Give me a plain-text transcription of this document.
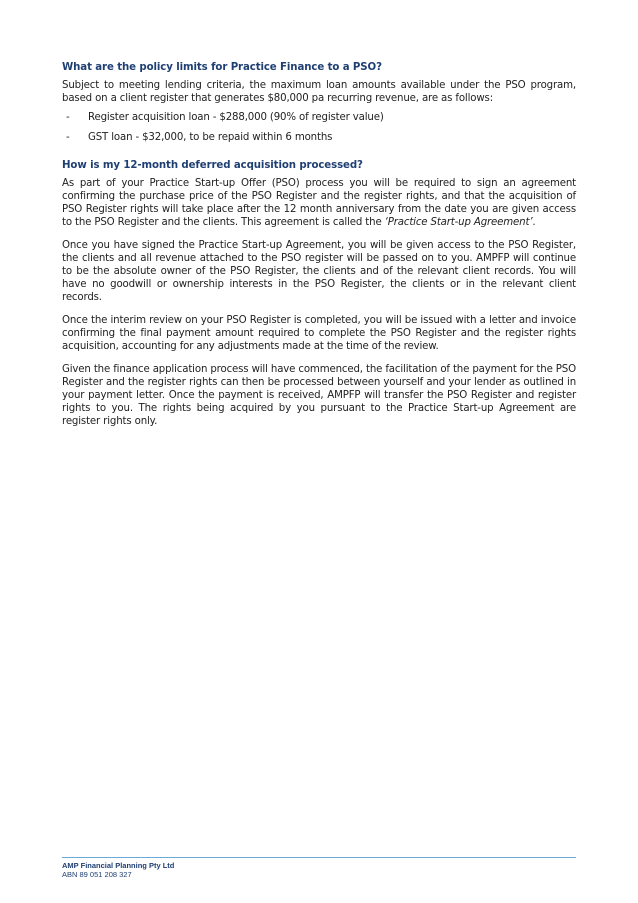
What are the policy limits for Practice Finance to a PSO?

Subject to meeting lending criteria, the maximum loan amounts available under the PSO program, based on a client register that generates $80,000 pa recurring revenue, are as follows:

-	Register acquisition loan - $288,000 (90% of register value)
-	GST loan - $32,000, to be repaid within 6 months
How is my 12-month deferred acquisition processed?

As part of your Practice Start-up Offer (PSO) process you will be required to sign an agreement confirming the purchase price of the PSO Register and the register rights, and that the acquisition of PSO Register rights will take place after the 12 month anniversary from the date you are given access to the PSO Register and the clients. This agreement is called the ‘Practice Start-up Agreement’.

Once you have signed the Practice Start-up Agreement, you will be given access to the PSO Register, the clients and all revenue attached to the PSO register will be passed on to you. AMPFP will continue to be the absolute owner of the PSO Register, the clients and of the relevant client records. You will have no goodwill or ownership interests in the PSO Register, the clients or in the relevant client records.

Once the interim review on your PSO Register is completed, you will be issued with a letter and invoice confirming the final payment amount required to complete the PSO Register and the register rights acquisition, accounting for any adjustments made at the time of the review.

Given the finance application process will have commenced, the facilitation of the payment for the PSO Register and the register rights can then be processed between yourself and your lender as outlined in your payment letter. Once the payment is received, AMPFP will transfer the PSO Register and register rights to you. The rights being acquired by you pursuant to the Practice Start-up Agreement are register rights only.

AMP Financial Planning Pty Ltd
ABN 89 051 208 327
